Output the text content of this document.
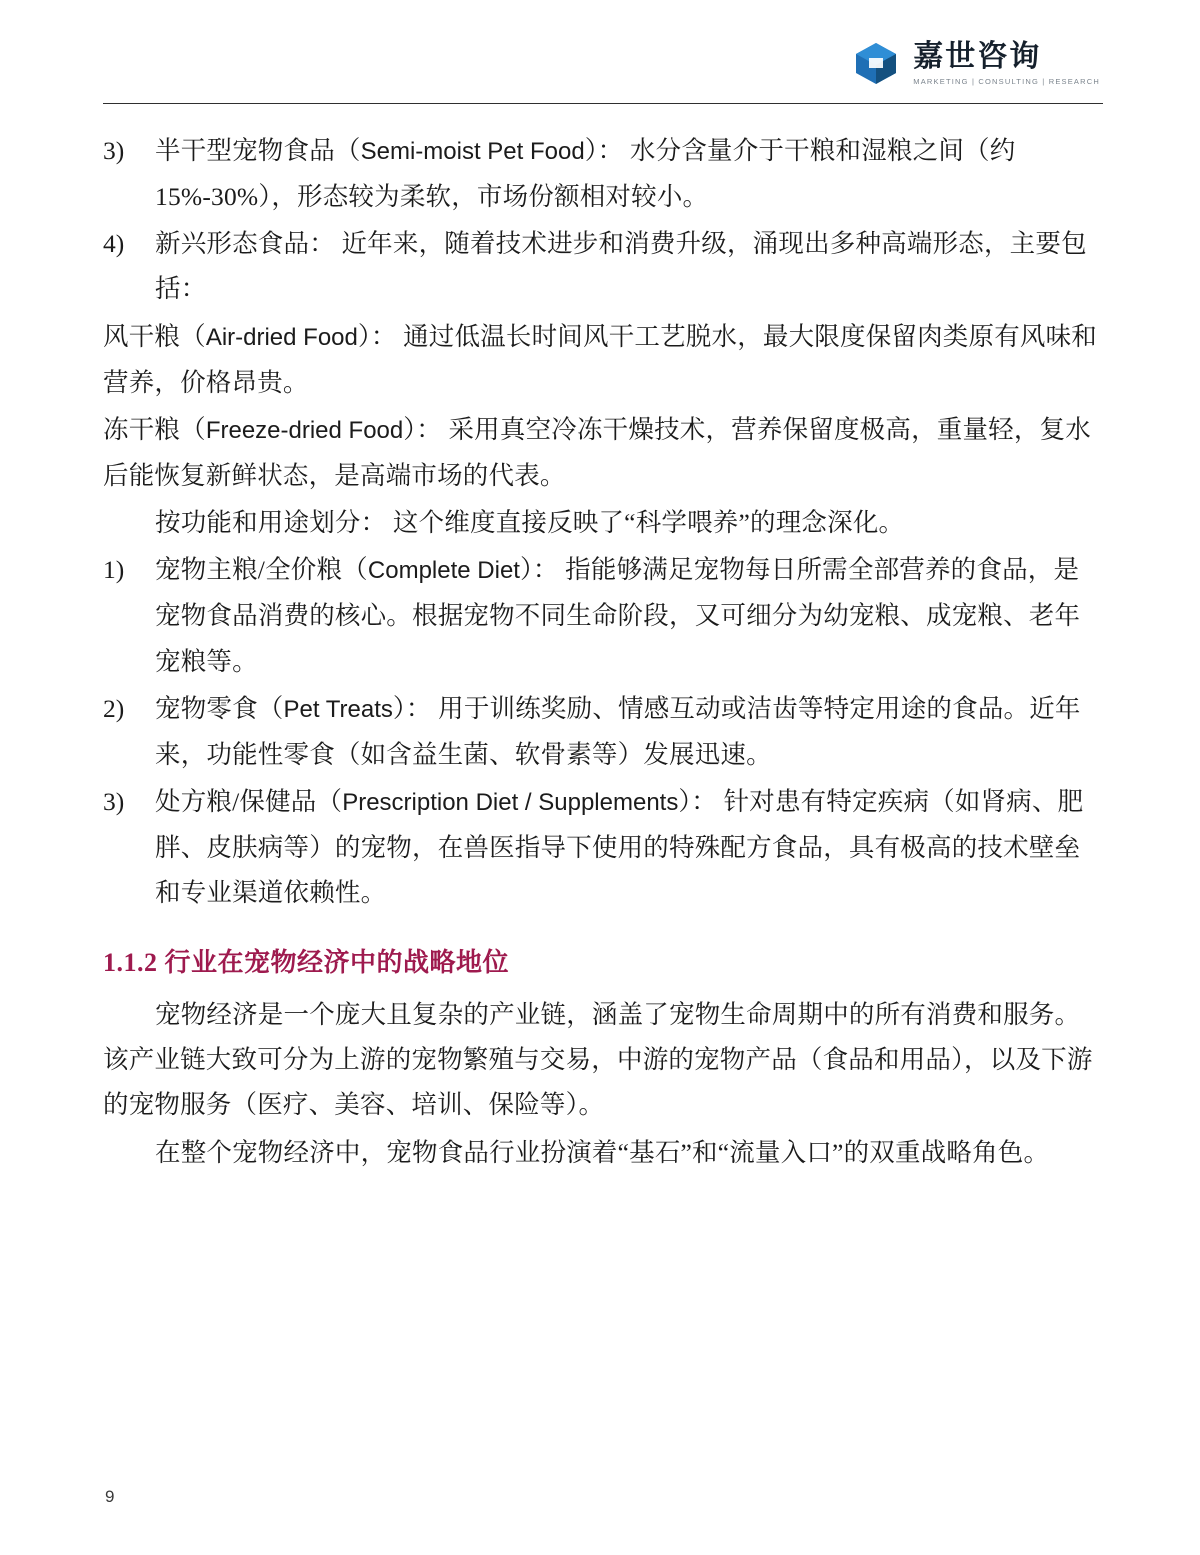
嘉世咨询
MARKETING | CONSULTING | RESEARCH
3)	半干型宠物食品（Semi-moist Pet Food）： 水分含量介于干粮和湿粮之间（约 15%-30%），形态较为柔软，市场份额相对较小。
4)	新兴形态食品： 近年来，随着技术进步和消费升级，涌现出多种高端形态，主要包括：

风干粮（Air-dried Food）： 通过低温长时间风干工艺脱水，最大限度保留肉类原有风味和营养，价格昂贵。

冻干粮（Freeze-dried Food）： 采用真空冷冻干燥技术，营养保留度极高，重量轻，复水后能恢复新鲜状态，是高端市场的代表。

按功能和用途划分： 这个维度直接反映了“科学喂养”的理念深化。

1)	宠物主粮/全价粮（Complete Diet）： 指能够满足宠物每日所需全部营养的食品，是宠物食品消费的核心。根据宠物不同生命阶段，又可细分为幼宠粮、成宠粮、老年宠粮等。
2)	宠物零食（Pet Treats）： 用于训练奖励、情感互动或洁齿等特定用途的食品。近年来，功能性零食（如含益生菌、软骨素等）发展迅速。
3)	处方粮/保健品（Prescription Diet / Supplements）： 针对患有特定疾病（如肾病、肥胖、皮肤病等）的宠物，在兽医指导下使用的特殊配方食品，具有极高的技术壁垒和专业渠道依赖性。
1.1.2 行业在宠物经济中的战略地位

宠物经济是一个庞大且复杂的产业链，涵盖了宠物生命周期中的所有消费和服务。该产业链大致可分为上游的宠物繁殖与交易，中游的宠物产品（食品和用品），以及下游的宠物服务（医疗、美容、培训、保险等）。

在整个宠物经济中，宠物食品行业扮演着“基石”和“流量入口”的双重战略角色。

9
